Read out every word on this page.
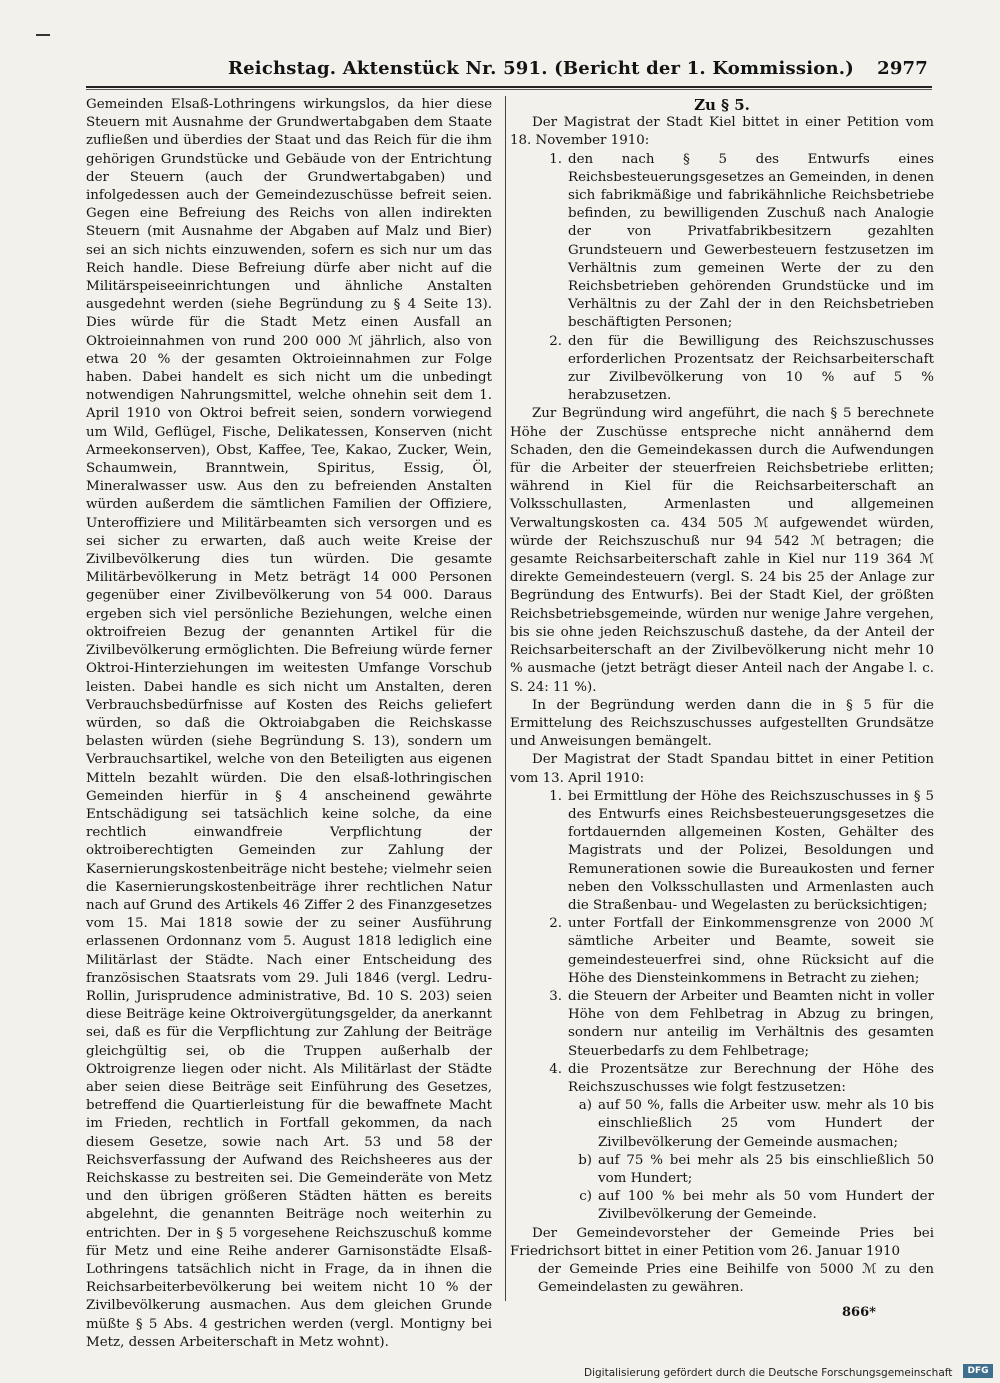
Reichstag. Aktenstück Nr. 591. (Bericht der 1. Kommission.) 2977

Gemeinden Elsaß-Lothringens wirkungslos, da hier diese Steuern mit Ausnahme der Grundwertabgaben dem Staate zufließen und überdies der Staat und das Reich für die ihm gehörigen Grundstücke und Gebäude von der Entrichtung der Steuern (auch der Grundwertabgaben) und infolgedessen auch der Gemeindezuschüsse befreit seien. Gegen eine Befreiung des Reichs von allen indirekten Steuern (mit Ausnahme der Abgaben auf Malz und Bier) sei an sich nichts einzuwenden, sofern es sich nur um das Reich handle. Diese Befreiung dürfe aber nicht auf die Militärspeiseeinrichtungen und ähnliche Anstalten ausgedehnt werden (siehe Begründung zu § 4 Seite 13). Dies würde für die Stadt Metz einen Ausfall an Oktroieinnahmen von rund 200 000 ℳ jährlich, also von etwa 20 % der gesamten Oktroieinnahmen zur Folge haben. Dabei handelt es sich nicht um die unbedingt notwendigen Nahrungsmittel, welche ohnehin seit dem 1. April 1910 von Oktroi befreit seien, sondern vorwiegend um Wild, Geflügel, Fische, Delikatessen, Konserven (nicht Armeekonserven), Obst, Kaffee, Tee, Kakao, Zucker, Wein, Schaumwein, Branntwein, Spiritus, Essig, Öl, Mineralwasser usw. Aus den zu befreienden Anstalten würden außerdem die sämtlichen Familien der Offiziere, Unteroffiziere und Militärbeamten sich versorgen und es sei sicher zu erwarten, daß auch weite Kreise der Zivilbevölkerung dies tun würden. Die gesamte Militärbevölkerung in Metz beträgt 14 000 Personen gegenüber einer Zivilbevölkerung von 54 000. Daraus ergeben sich viel persönliche Beziehungen, welche einen oktroifreien Bezug der genannten Artikel für die Zivilbevölkerung ermöglichten. Die Befreiung würde ferner Oktroi-Hinterziehungen im weitesten Umfange Vorschub leisten. Dabei handle es sich nicht um Anstalten, deren Verbrauchsbedürfnisse auf Kosten des Reichs geliefert würden, so daß die Oktroiabgaben die Reichskasse belasten würden (siehe Begründung S. 13), sondern um Verbrauchsartikel, welche von den Beteiligten aus eigenen Mitteln bezahlt würden. Die den elsaß-lothringischen Gemeinden hierfür in § 4 anscheinend gewährte Entschädigung sei tatsächlich keine solche, da eine rechtlich einwandfreie Verpflichtung der oktroiberechtigten Gemeinden zur Zahlung der Kasernierungskostenbeiträge nicht bestehe; vielmehr seien die Kasernierungskostenbeiträge ihrer rechtlichen Natur nach auf Grund des Artikels 46 Ziffer 2 des Finanzgesetzes vom 15. Mai 1818 sowie der zu seiner Ausführung erlassenen Ordonnanz vom 5. August 1818 lediglich eine Militärlast der Städte. Nach einer Entscheidung des französischen Staatsrats vom 29. Juli 1846 (vergl. Ledru-Rollin, Jurisprudence administrative, Bd. 10 S. 203) seien diese Beiträge keine Oktroivergütungsgelder, da anerkannt sei, daß es für die Verpflichtung zur Zahlung der Beiträge gleichgültig sei, ob die Truppen außerhalb der Oktroigrenze liegen oder nicht. Als Militärlast der Städte aber seien diese Beiträge seit Einführung des Gesetzes, betreffend die Quartierleistung für die bewaffnete Macht im Frieden, rechtlich in Fortfall gekommen, da nach diesem Gesetze, sowie nach Art. 53 und 58 der Reichsverfassung der Aufwand des Reichsheeres aus der Reichskasse zu bestreiten sei. Die Gemeinderäte von Metz und den übrigen größeren Städten hätten es bereits abgelehnt, die genannten Beiträge noch weiterhin zu entrichten. Der in § 5 vorgesehene Reichszuschuß komme für Metz und eine Reihe anderer Garnisonstädte Elsaß-Lothringens tatsächlich nicht in Frage, da in ihnen die Reichsarbeiterbevölkerung bei weitem nicht 10 % der Zivilbevölkerung ausmachen. Aus dem gleichen Grunde müßte § 5 Abs. 4 gestrichen werden (vergl. Montigny bei Metz, dessen Arbeiterschaft in Metz wohnt).

Zu § 5.

Der Magistrat der Stadt Kiel bittet in einer Petition vom 18. November 1910:

1. den nach § 5 des Entwurfs eines Reichsbesteuerungsgesetzes an Gemeinden, in denen sich fabrikmäßige und fabrikähnliche Reichsbetriebe befinden, zu bewilligenden Zuschuß nach Analogie der von Privatfabrikbesitzern gezahlten Grundsteuern und Gewerbesteuern festzusetzen im Verhältnis zum gemeinen Werte der zu den Reichsbetrieben gehörenden Grundstücke und im Verhältnis zu der Zahl der in den Reichsbetrieben beschäftigten Personen;
2. den für die Bewilligung des Reichszuschusses erforderlichen Prozentsatz der Reichsarbeiterschaft zur Zivilbevölkerung von 10 % auf 5 % herabzusetzen.

Zur Begründung wird angeführt, die nach § 5 berechnete Höhe der Zuschüsse entspreche nicht annähernd dem Schaden, den die Gemeindekassen durch die Aufwendungen für die Arbeiter der steuerfreien Reichsbetriebe erlitten; während in Kiel für die Reichsarbeiterschaft an Volksschullasten, Armenlasten und allgemeinen Verwaltungskosten ca. 434 505 ℳ aufgewendet würden, würde der Reichszuschuß nur 94 542 ℳ betragen; die gesamte Reichsarbeiterschaft zahle in Kiel nur 119 364 ℳ direkte Gemeindesteuern (vergl. S. 24 bis 25 der Anlage zur Begründung des Entwurfs). Bei der Stadt Kiel, der größten Reichsbetriebsgemeinde, würden nur wenige Jahre vergehen, bis sie ohne jeden Reichszuschuß dastehe, da der Anteil der Reichsarbeiterschaft an der Zivilbevölkerung nicht mehr 10 % ausmache (jetzt beträgt dieser Anteil nach der Angabe l. c. S. 24: 11 %).

In der Begründung werden dann die in § 5 für die Ermittelung des Reichszuschusses aufgestellten Grundsätze und Anweisungen bemängelt.

Der Magistrat der Stadt Spandau bittet in einer Petition vom 13. April 1910:

1. bei Ermittlung der Höhe des Reichszuschusses in § 5 des Entwurfs eines Reichsbesteuerungsgesetzes die fortdauernden allgemeinen Kosten, Gehälter des Magistrats und der Polizei, Besoldungen und Remunerationen sowie die Bureaukosten und ferner neben den Volksschullasten und Armenlasten auch die Straßenbau- und Wegelasten zu berücksichtigen;
2. unter Fortfall der Einkommensgrenze von 2000 ℳ sämtliche Arbeiter und Beamte, soweit sie gemeindesteuerfrei sind, ohne Rücksicht auf die Höhe des Diensteinkommens in Betracht zu ziehen;
3. die Steuern der Arbeiter und Beamten nicht in voller Höhe von dem Fehlbetrag in Abzug zu bringen, sondern nur anteilig im Verhältnis des gesamten Steuerbedarfs zu dem Fehlbetrage;
4. die Prozentsätze zur Berechnung der Höhe des Reichszuschusses wie folgt festzusetzen:
a) auf 50 %, falls die Arbeiter usw. mehr als 10 bis einschließlich 25 vom Hundert der Zivilbevölkerung der Gemeinde ausmachen;
b) auf 75 % bei mehr als 25 bis einschließlich 50 vom Hundert;
c) auf 100 % bei mehr als 50 vom Hundert der Zivilbevölkerung der Gemeinde.

Der Gemeindevorsteher der Gemeinde Pries bei Friedrichsort bittet in einer Petition vom 26. Januar 1910

der Gemeinde Pries eine Beihilfe von 5000 ℳ zu den Gemeindelasten zu gewähren.

866*
Digitalisierung gefördert durch die Deutsche Forschungsgemeinschaft	DFG
